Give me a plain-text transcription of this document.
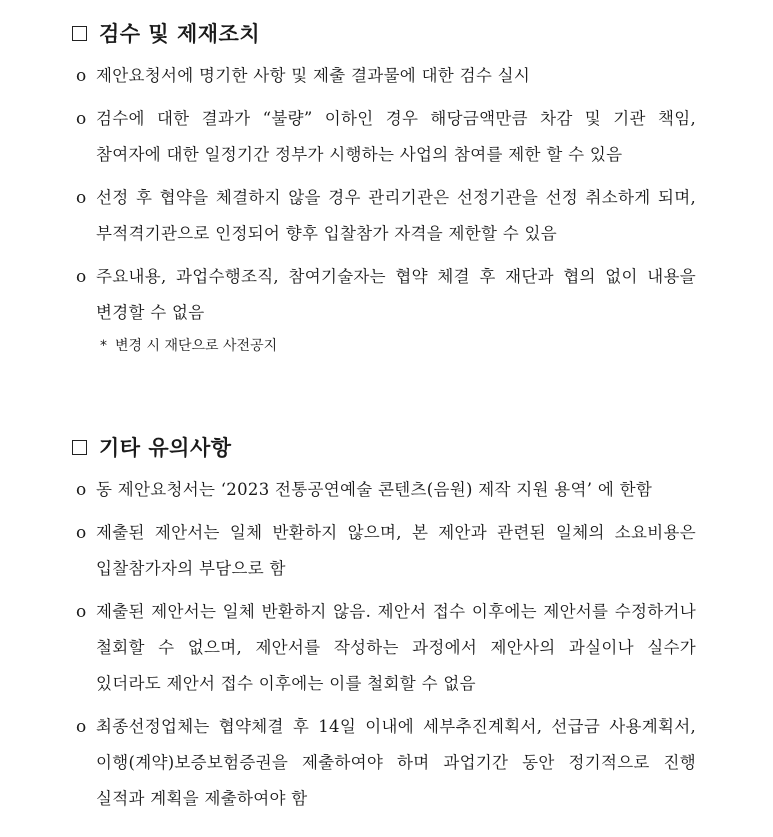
검수 및 제재조치
o 제안요청서에 명기한 사항 및 제출 결과물에 대한 검수 실시
o 검수에 대한 결과가 “불량” 이하인 경우 해당금액만큼 차감 및 기관 책임, 참여자에 대한 일정기간 정부가 시행하는 사업의 참여를 제한 할 수 있음
o 선정 후 협약을 체결하지 않을 경우 관리기관은 선정기관을 선정 취소하게 되며, 부적격기관으로 인정되어 향후 입찰참가 자격을 제한할 수 있음
o 주요내용, 과업수행조직, 참여기술자는 협약 체결 후 재단과 협의 없이 내용을 변경할 수 없음
* 변경 시 재단으로 사전공지
기타 유의사항
o 동 제안요청서는 ‘2023 전통공연예술 콘텐츠(음원) 제작 지원 용역’ 에 한함
o 제출된 제안서는 일체 반환하지 않으며, 본 제안과 관련된 일체의 소요비용은 입찰참가자의 부담으로 함
o 제출된 제안서는 일체 반환하지 않음. 제안서 접수 이후에는 제안서를 수정하거나 철회할 수 없으며, 제안서를 작성하는 과정에서 제안사의 과실이나 실수가 있더라도 제안서 접수 이후에는 이를 철회할 수 없음
o 최종선정업체는 협약체결 후 14일 이내에 세부추진계획서, 선급금 사용계획서, 이행(계약)보증보험증권을 제출하여야 하며 과업기간 동안 정기적으로 진행 실적과 계획을 제출하여야 함
